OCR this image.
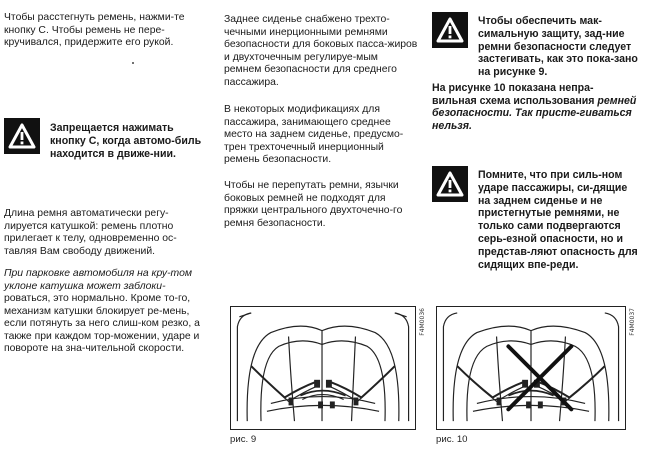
Чтобы расстегнуть ремень, нажми-те кнопку C. Чтобы ремень не пере-кручивался, придержите его рукой.
Запрещается нажимать кнопку C, когда автомо-биль находится в движе-нии.
Длина ремня автоматически регу-лируется катушкой: ремень плотно прилегает к телу, одновременно ос-тавляя Вам свободу движений.
При парковке автомобиля на кру-том уклоне катушка может заблоки-
роваться, это нормально. Кроме то-го, механизм катушки блокирует ре-мень, если потянуть за него слиш-ком резко, а также при каждом тор-можении, ударе и повороте на зна-чительной скорости.
Заднее сиденье снабжено трехто-чечными инерционными ремнями безопасности для боковых пасса-жиров и двухточечным регулируе-мым ремнем безопасности для среднего пассажира.
В некоторых модификациях для пассажира, занимающего среднее место на заднем сиденье, предусмо-трен трехточечный инерционный ремень безопасности.
Чтобы не перепутать ремни, язычки боковых ремней не подходят для пряжки центрального двухточечно-го ремня безопасности.
F4M0036
рис. 9
Чтобы обеспечить мак-симальную защиту, зад-ние ремни безопасности следует застегивать, как это пока-зано на рисунке 9.
На рисунке 10 показана непра-вильная схема использования ремней безопасности. Так присте-гиваться нельзя.
Помните, что при силь-ном ударе пассажиры, си-дящие на заднем сиденье и не пристегнутые ремнями, не только сами подвергаются серь-езной опасности, но и представ-ляют опасность для сидящих впе-реди.
F4M0037
рис. 10
